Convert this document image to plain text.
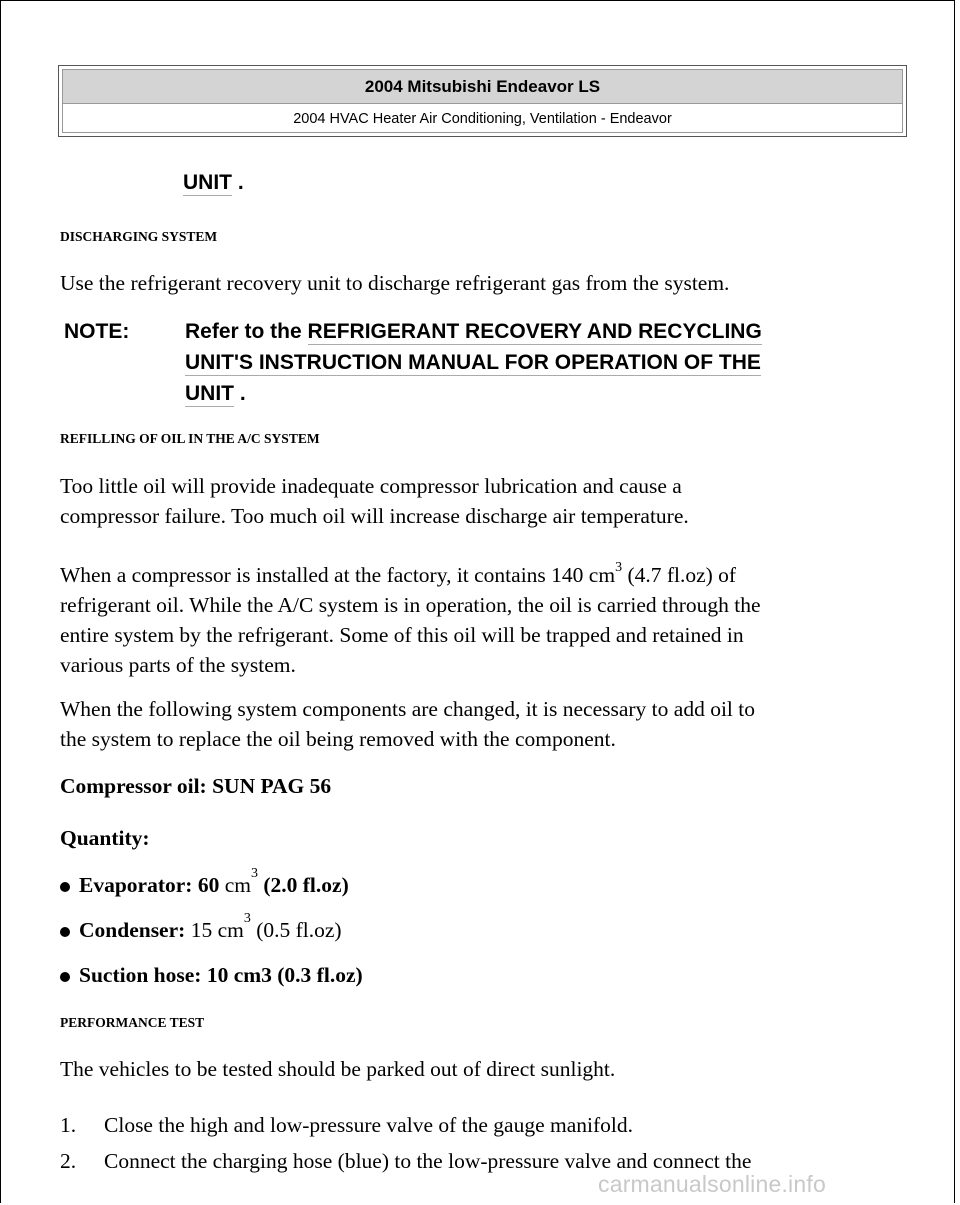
2004 Mitsubishi Endeavor LS
2004 HVAC Heater Air Conditioning, Ventilation - Endeavor
UNIT .
DISCHARGING SYSTEM
Use the refrigerant recovery unit to discharge refrigerant gas from the system.
NOTE:	Refer to the REFRIGERANT RECOVERY AND RECYCLING
UNIT'S INSTRUCTION MANUAL FOR OPERATION OF THE
UNIT .
REFILLING OF OIL IN THE A/C SYSTEM
Too little oil will provide inadequate compressor lubrication and cause a
compressor failure. Too much oil will increase discharge air temperature.
When a compressor is installed at the factory, it contains 140 $cm^3$ (4.7 fl.oz) of
refrigerant oil. While the A/C system is in operation, the oil is carried through the
entire system by the refrigerant. Some of this oil will be trapped and retained in
various parts of the system.
When the following system components are changed, it is necessary to add oil to
the system to replace the oil being removed with the component.
Compressor oil: SUN PAG 56
Quantity:
Evaporator: 60 $cm^3$ (2.0 fl.oz)
Condenser: 15 $cm^3$ (0.5 fl.oz)
Suction hose: 10 cm3 (0.3 fl.oz)
PERFORMANCE TEST
The vehicles to be tested should be parked out of direct sunlight.
1. Close the high and low-pressure valve of the gauge manifold.
2. Connect the charging hose (blue) to the low-pressure valve and connect the
carmanualsonline.info
